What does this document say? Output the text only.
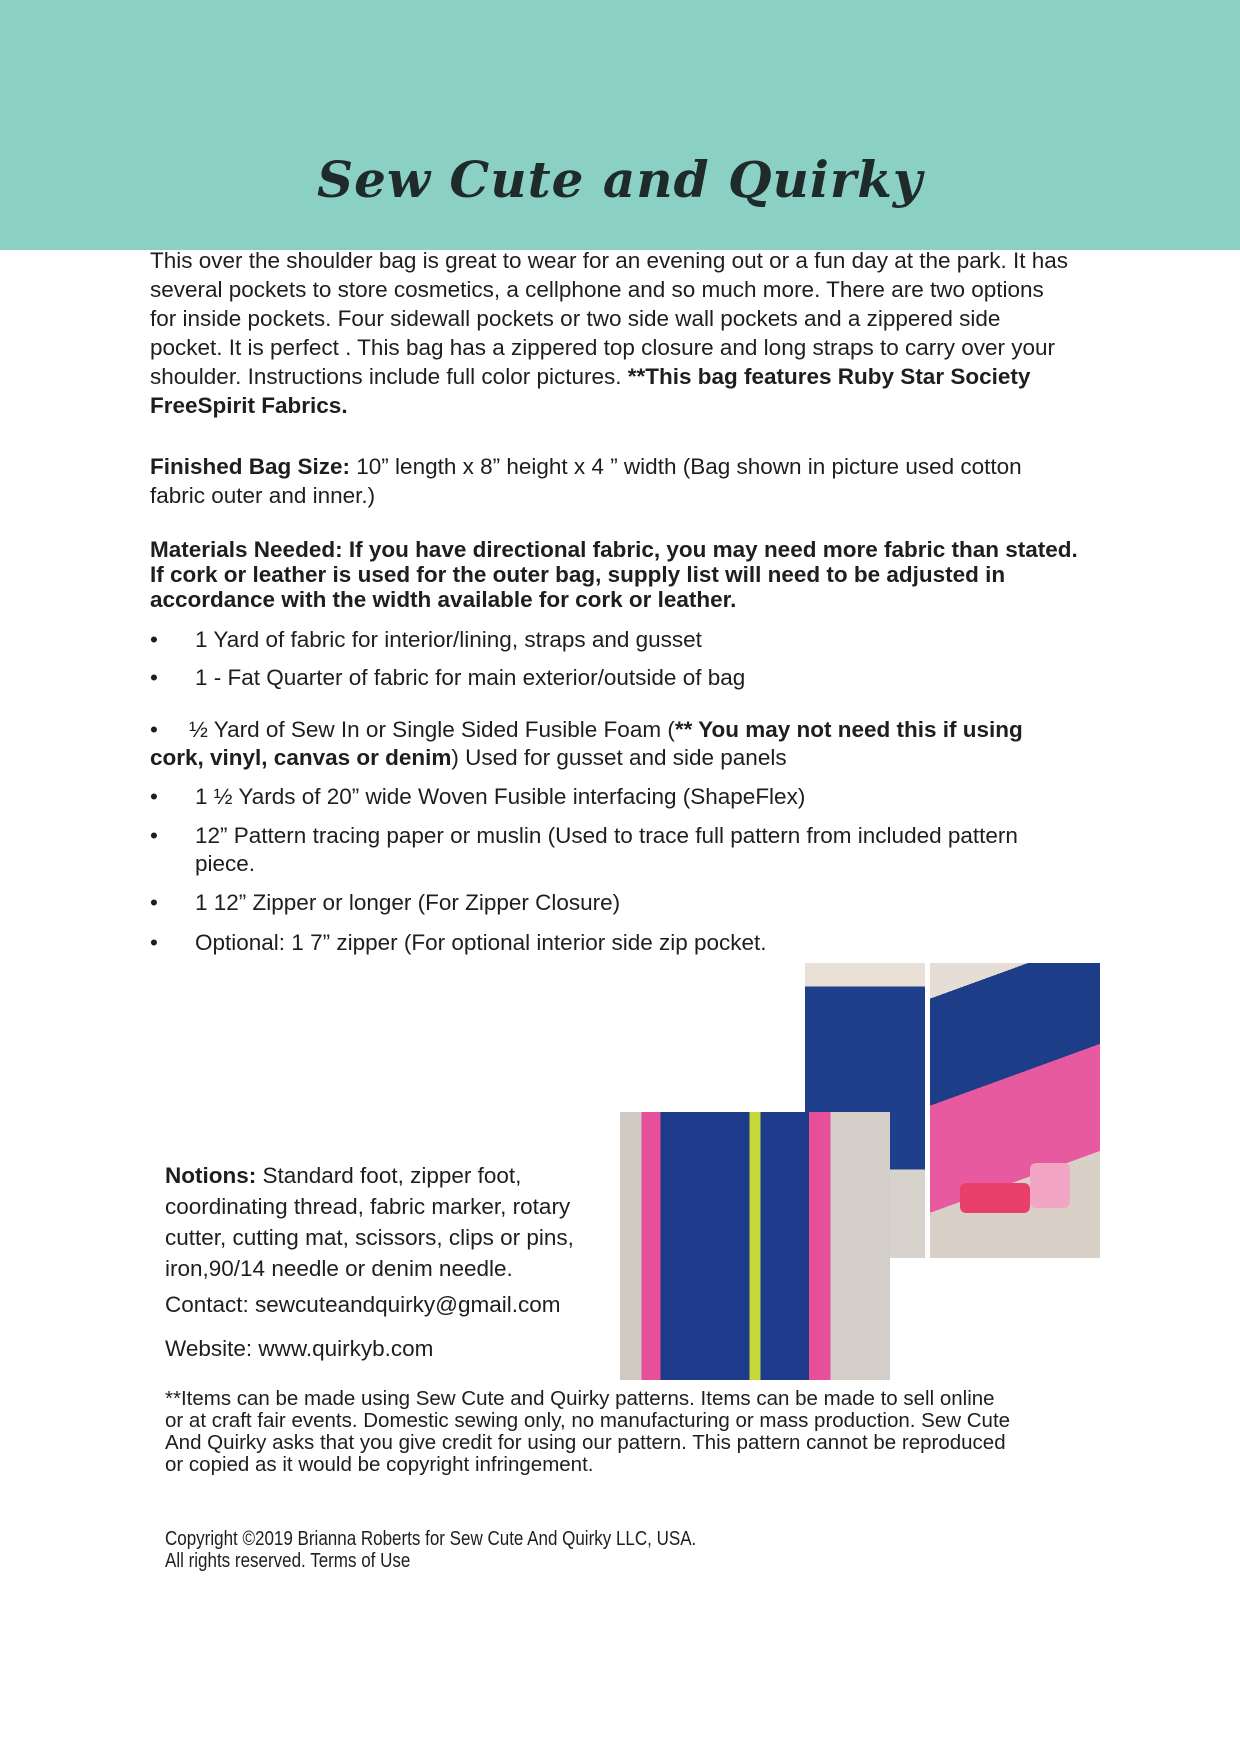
Sew Cute and Quirky

This over the shoulder bag is great to wear for an evening out or a fun day at the park. It has several pockets to store cosmetics, a cellphone and so much more. There are two options for inside pockets. Four sidewall pockets or two side wall pockets and a zippered side pocket. It is perfect . This bag has a zippered top closure and long straps to carry over your shoulder. Instructions include full color pictures. **This bag features Ruby Star Society FreeSpirit Fabrics.

Finished Bag Size: 10” length x 8” height x 4 ” width (Bag shown in picture used cotton fabric outer and inner.)

Materials Needed: If you have directional fabric, you may need more fabric than stated. If cork or leather is used for the outer bag, supply list will need to be adjusted in accordance with the width available for cork or leather.

•	1 Yard of fabric for interior/lining, straps and gusset
•	1 - Fat Quarter of fabric for main exterior/outside of bag
• ½ Yard of Sew In or Single Sided Fusible Foam (** You may not need this if using cork, vinyl, canvas or denim) Used for gusset and side panels
•	1 ½ Yards of 20” wide Woven Fusible interfacing (ShapeFlex)
•	12” Pattern tracing paper or muslin (Used to trace full pattern from included pattern piece.
•	1 12” Zipper or longer (For Zipper Closure)
•	Optional: 1 7” zipper (For optional interior side zip pocket.

Notions: Standard foot, zipper foot, coordinating thread, fabric marker, rotary cutter, cutting mat, scissors, clips or pins, iron,90/14 needle or denim needle.

Contact: sewcuteandquirky@gmail.com
Website: www.quirkyb.com

**Items can be made using Sew Cute and Quirky patterns. Items can be made to sell online or at craft fair events. Domestic sewing only, no manufacturing or mass production. Sew Cute And Quirky asks that you give credit for using our pattern. This pattern cannot be reproduced or copied as it would be copyright infringement.

Copyright ©2019 Brianna Roberts for Sew Cute And Quirky LLC, USA.
All rights reserved. Terms of Use
